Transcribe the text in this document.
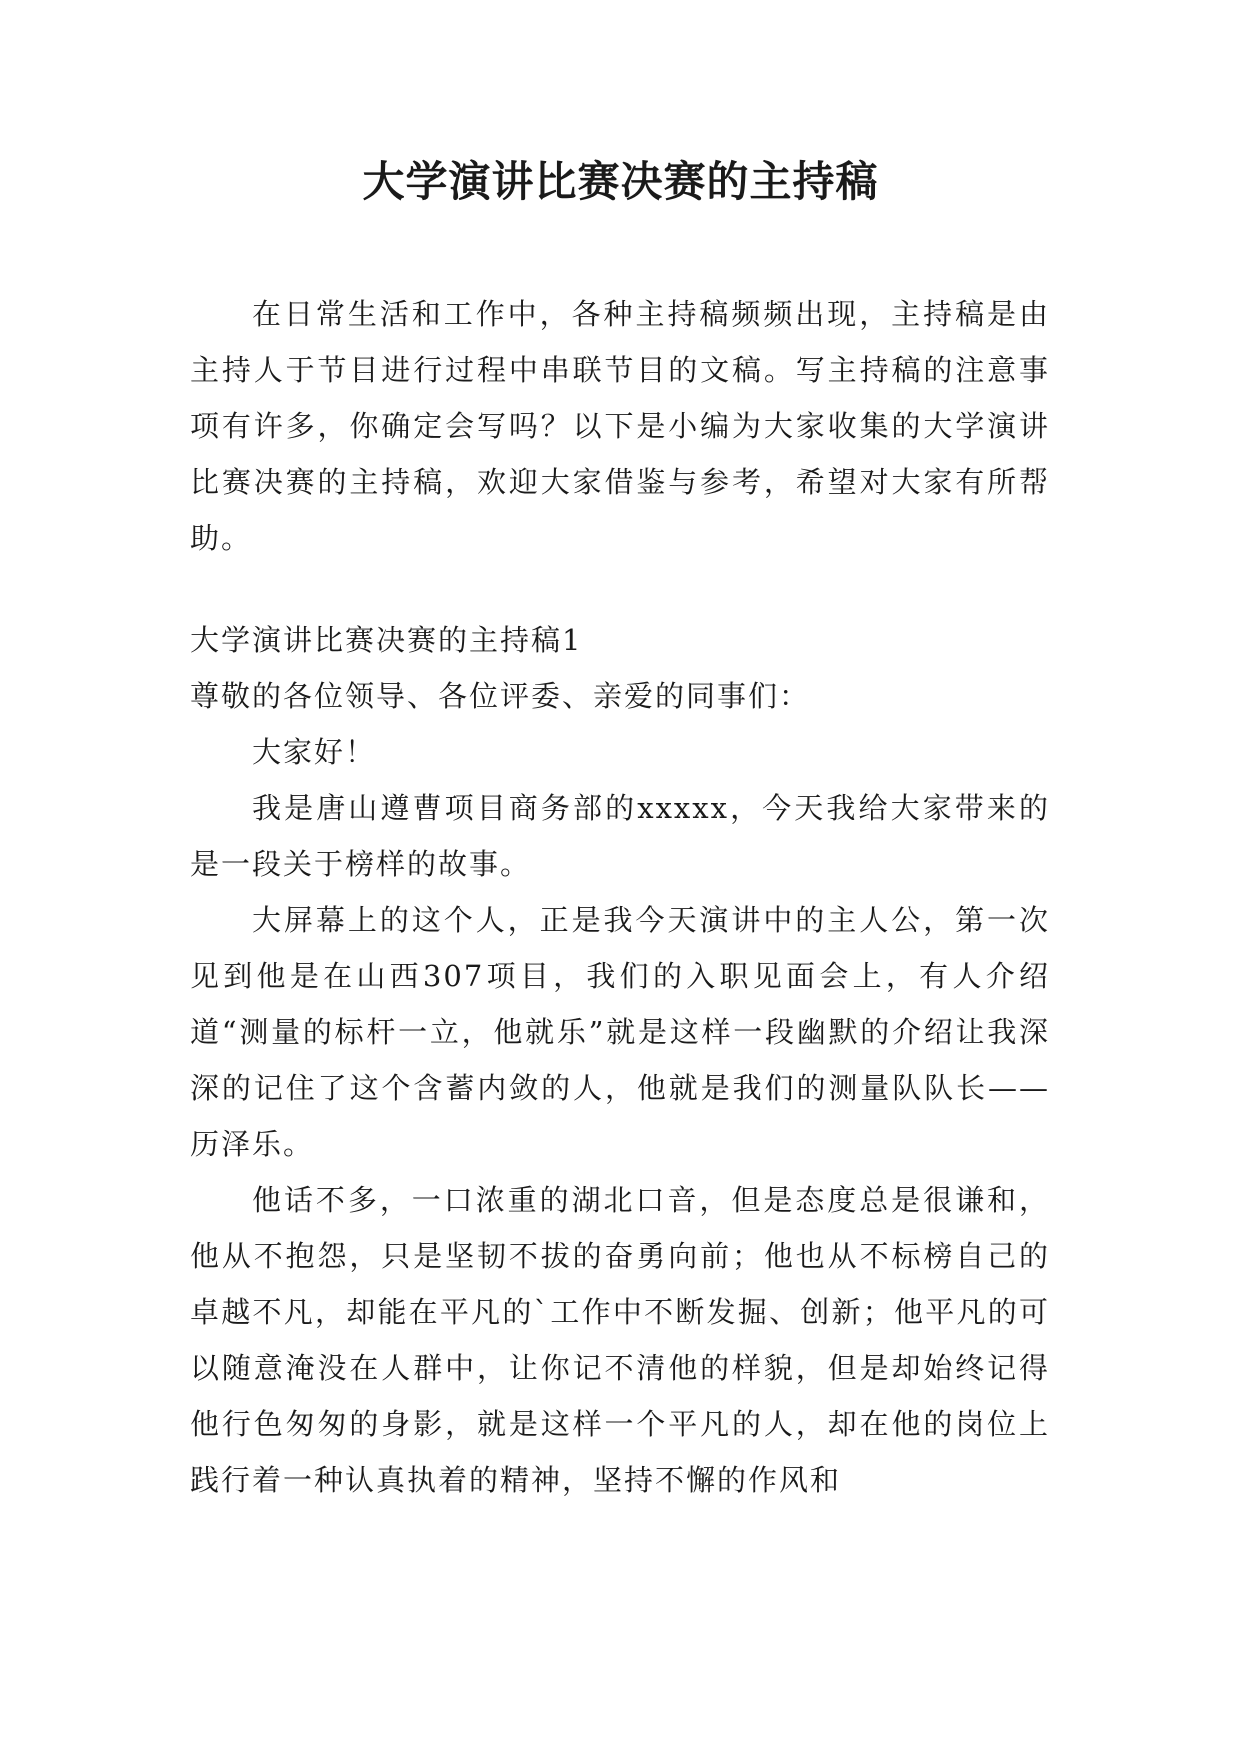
大学演讲比赛决赛的主持稿

在日常生活和工作中，各种主持稿频频出现，主持稿是由主持人于节目进行过程中串联节目的文稿。写主持稿的注意事项有许多，你确定会写吗？以下是小编为大家收集的大学演讲比赛决赛的主持稿，欢迎大家借鉴与参考，希望对大家有所帮助。

大学演讲比赛决赛的主持稿1

尊敬的各位领导、各位评委、亲爱的同事们：

大家好！

我是唐山遵曹项目商务部的xxxxx，今天我给大家带来的是一段关于榜样的故事。

大屏幕上的这个人，正是我今天演讲中的主人公，第一次见到他是在山西307项目，我们的入职见面会上，有人介绍道“测量的标杆一立，他就乐”就是这样一段幽默的介绍让我深深的记住了这个含蓄内敛的人，他就是我们的测量队队长——历泽乐。

他话不多，一口浓重的湖北口音，但是态度总是很谦和，他从不抱怨，只是坚韧不拔的奋勇向前；他也从不标榜自己的卓越不凡，却能在平凡的`工作中不断发掘、创新；他平凡的可以随意淹没在人群中，让你记不清他的样貌，但是却始终记得他行色匆匆的身影，就是这样一个平凡的人，却在他的岗位上践行着一种认真执着的精神，坚持不懈的作风和
